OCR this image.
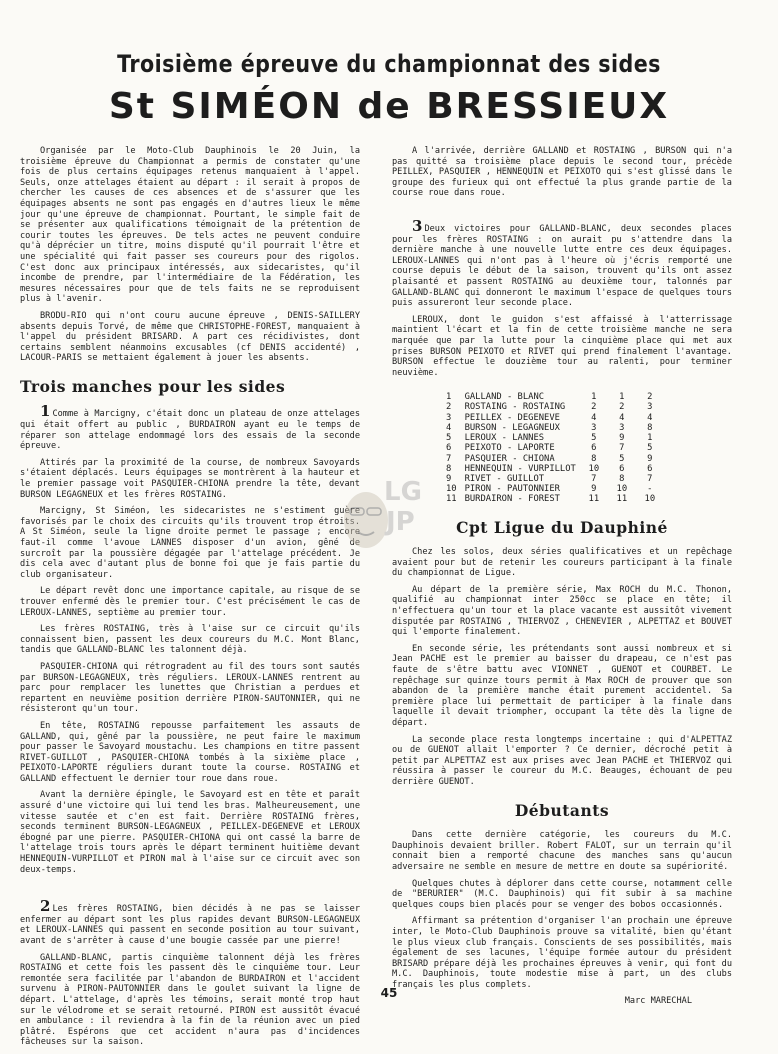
Troisième épreuve du championnat des sides
St SIMÉON de BRESSIEUX

Organisée par le Moto-Club Dauphinois le 20 Juin, la troisième épreuve du Championnat a permis de constater qu'une fois de plus certains équipages retenus manquaient à l'appel. Seuls, onze attelages étaient au départ : il serait à propos de chercher les causes de ces absences et de s'assurer que les équipages absents ne sont pas engagés en d'autres lieux le même jour qu'une épreuve de championnat. Pourtant, le simple fait de se présenter aux qualifications témoignait de la prétention de courir toutes les épreuves. De tels actes ne peuvent conduire qu'à déprécier un titre, moins disputé qu'il pourrait l'être et une spécialité qui fait passer ses coureurs pour des rigolos. C'est donc aux principaux intéressés, aux sidecaristes, qu'il incombe de prendre, par l'intermédiaire de la Fédération, les mesures nécessaires pour que de tels faits ne se reproduisent plus à l'avenir.

BRODU-RIO qui n'ont couru aucune épreuve , DENIS-SAILLERY absents depuis Torvé, de même que CHRISTOPHE-FOREST, manquaient à l'appel du président BRISARD. A part ces récidivistes, dont certains semblent néanmoins excusables (cf DENIS accidenté) , LACOUR-PARIS se mettaient également à jouer les absents.

Trois manches pour les sides

1 Comme à Marcigny, c'était donc un plateau de onze attelages qui était offert au public , BURDAIRON ayant eu le temps de réparer son attelage endommagé lors des essais de la seconde épreuve.

Attirés par la proximité de la course, de nombreux Savoyards s'étaient déplacés. Leurs équipages se montrèrent à la hauteur et le premier passage voit PASQUIER-CHIONA prendre la tête, devant BURSON LEGAGNEUX et les frères ROSTAING.

Marcigny, St Siméon, les sidecaristes ne s'estiment guère favorisés par le choix des circuits qu'ils trouvent trop étroits. A St Siméon, seule la ligne droite permet le passage ; encore faut-il comme l'avoue LANNES disposer d'un avion, gêné de surcroît par la poussière dégagée par l'attelage précédent. Je dis cela avec d'autant plus de bonne foi que je fais partie du club organisateur.

Le départ revêt donc une importance capitale, au risque de se trouver enfermé dès le premier tour. C'est précisément le cas de LEROUX-LANNES, septième au premier tour.

Les frères ROSTAING, très à l'aise sur ce circuit qu'ils connaissent bien, passent les deux coureurs du M.C. Mont Blanc, tandis que GALLAND-BLANC les talonnent déjà.

PASQUIER-CHIONA qui rétrogradent au fil des tours sont sautés par BURSON-LEGAGNEUX, très réguliers. LEROUX-LANNES rentrent au parc pour remplacer les lunettes que Christian a perdues et repartent en neuvième position derrière PIRON-SAUTONNIER, qui ne résisteront qu'un tour.

En tête, ROSTAING repousse parfaitement les assauts de GALLAND, qui, gêné par la poussière, ne peut faire le maximum pour passer le Savoyard moustachu. Les champions en titre passent RIVET-GUILLOT , PASQUIER-CHIONA tombés à la sixième place , PEIXOTO-LAPORTE réguliers durant toute la course. ROSTAING et GALLAND effectuent le dernier tour roue dans roue.

Avant la dernière épingle, le Savoyard est en tête et paraît assuré d'une victoire qui lui tend les bras. Malheureusement, une vitesse sautée et c'en est fait. Derrière ROSTAING frères, seconds terminent BURSON-LEGAGNEUX , PEILLEX-DEGENEVE et LEROUX ébogné par une pierre. PASQUIER-CHIONA qui ont cassé la barre de l'attelage trois tours après le départ terminent huitième devant HENNEQUIN-VURPILLOT et PIRON mal à l'aise sur ce circuit avec son deux-temps.

2 Les frères ROSTAING, bien décidés à ne pas se laisser enfermer au départ sont les plus rapides devant BURSON-LEGAGNEUX et LEROUX-LANNES qui passent en seconde position au tour suivant, avant de s'arrêter à cause d'une bougie cassée par une pierre!

GALLAND-BLANC, partis cinquième talonnent déjà les frères ROSTAING et cette fois les passent dès le cinquième tour. Leur remontée sera facilitée par l'abandon de BURDAIRON et l'accident survenu à PIRON-PAUTONNIER dans le goulet suivant la ligne de départ. L'attelage, d'après les témoins, serait monté trop haut sur le vélodrome et se serait retourné. PIRON est aussitôt évacué en ambulance : il reviendra à la fin de la réunion avec un pied plâtré. Espérons que cet accident n'aura pas d'incidences fâcheuses sur la saison.

A l'arrivée, derrière GALLAND et ROSTAING , BURSON qui n'a pas quitté sa troisième place depuis le second tour, précède PEILLEX, PASQUIER , HENNEQUIN et PEIXOTO qui s'est glissé dans le groupe des furieux qui ont effectué la plus grande partie de la course roue dans roue.

3 Deux victoires pour GALLAND-BLANC, deux secondes places pour les frères ROSTAING : on aurait pu s'attendre dans la dernière manche à une nouvelle lutte entre ces deux équipages. LEROUX-LANNES qui n'ont pas à l'heure où j'écris remporté une course depuis le début de la saison, trouvent qu'ils ont assez plaisanté et passent ROSTAING au deuxième tour, talonnés par GALLAND-BLANC qui donneront le maximum l'espace de quelques tours puis assureront leur seconde place.

LEROUX, dont le guidon s'est affaissé à l'atterrissage maintient l'écart et la fin de cette troisième manche ne sera marquée que par la lutte pour la cinquième place qui met aux prises BURSON PEIXOTO et RIVET qui prend finalement l'avantage. BURSON effectue le douzième tour au ralenti, pour terminer neuvième.

1	GALLAND - BLANC	1	1	2
2	ROSTAING - ROSTAING	2	2	3
3	PEILLEX - DEGENEVE	4	4	4
4	BURSON - LEGAGNEUX	3	3	8
5	LEROUX - LANNES	5	9	1
6	PEIXOTO - LAPORTE	6	7	5
7	PASQUIER - CHIONA	8	5	9
8	HENNEQUIN - VURPILLOT	10	6	6
9	RIVET - GUILLOT	7	8	7
10	PIRON - PAUTONNIER	9	10	-
11	BURDAIRON - FOREST	11	11	10
Cpt Ligue du Dauphiné

Chez les solos, deux séries qualificatives et un repêchage avaient pour but de retenir les coureurs participant à la finale du championnat de Ligue.

Au départ de la première série, Max ROCH du M.C. Thonon, qualifié au championnat inter 250cc se place en tête; il n'effectuera qu'un tour et la place vacante est aussitôt vivement disputée par ROSTAING , THIERVOZ , CHENEVIER , ALPETTAZ et BOUVET qui l'emporte finalement.

En seconde série, les prétendants sont aussi nombreux et si Jean PACHE est le premier au baisser du drapeau, ce n'est pas faute de s'être battu avec VIONNET , GUENOT et COURBET. Le repêchage sur quinze tours permit à Max ROCH de prouver que son abandon de la première manche était purement accidentel. Sa première place lui permettait de participer à la finale dans laquelle il devait triompher, occupant la tête dès la ligne de départ.

La seconde place resta longtemps incertaine : qui d'ALPETTAZ ou de GUENOT allait l'emporter ? Ce dernier, décroché petit à petit par ALPETTAZ est aux prises avec Jean PACHE et THIERVOZ qui réussira à passer le coureur du M.C. Beauges, échouant de peu derrière GUENOT.

Débutants

Dans cette dernière catégorie, les coureurs du M.C. Dauphinois devaient briller. Robert FALOT, sur un terrain qu'il connait bien a remporté chacune des manches sans qu'aucun adversaire ne semble en mesure de mettre en doute sa supériorité.

Quelques chutes à déplorer dans cette course, notamment celle de "BERURIER" (M.C. Dauphinois) qui fit subir à sa machine quelques coups bien placés pour se venger des bobos occasionnés.

Affirmant sa prétention d'organiser l'an prochain une épreuve inter, le Moto-Club Dauphinois prouve sa vitalité, bien qu'étant le plus vieux club français. Conscients de ses possibilités, mais également de ses lacunes, l'équipe formée autour du président BRISARD prépare déjà les prochaines épreuves à venir, qui font du M.C. Dauphinois, toute modestie mise à part, un des clubs français les plus complets.

Marc MARECHAL
LG
JP
45
